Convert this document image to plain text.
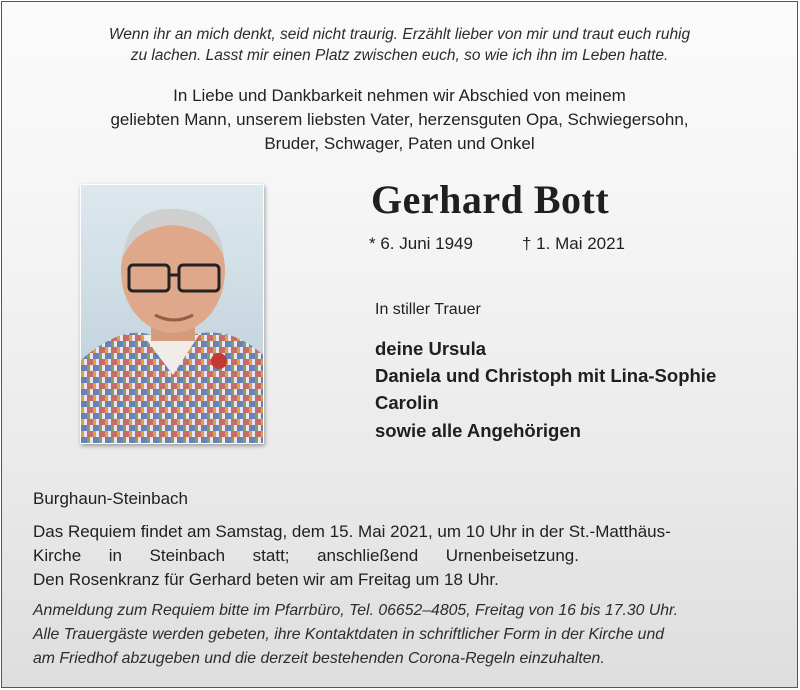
Wenn ihr an mich denkt, seid nicht traurig. Erzählt lieber von mir und traut euch ruhig
zu lachen. Lasst mir einen Platz zwischen euch, so wie ich ihn im Leben hatte.
In Liebe und Dankbarkeit nehmen wir Abschied von meinem
geliebten Mann, unserem liebsten Vater, herzensguten Opa, Schwiegersohn,
Bruder, Schwager, Paten und Onkel
Gerhard Bott
* 6. Juni 1949	† 1. Mai 2021
In stiller Trauer
deine Ursula
Daniela und Christoph mit Lina-Sophie
Carolin
sowie alle Angehörigen
Burghaun-Steinbach
Das Requiem findet am Samstag, dem 15. Mai 2021, um 10 Uhr in der St.-Matthäus-
Kirche in Steinbach statt; anschließend Urnenbeisetzung.
Den Rosenkranz für Gerhard beten wir am Freitag um 18 Uhr.
Anmeldung zum Requiem bitte im Pfarrbüro, Tel. 06652–4805, Freitag von 16 bis 17.30 Uhr.
Alle Trauergäste werden gebeten, ihre Kontaktdaten in schriftlicher Form in der Kirche und
am Friedhof abzugeben und die derzeit bestehenden Corona-Regeln einzuhalten.
